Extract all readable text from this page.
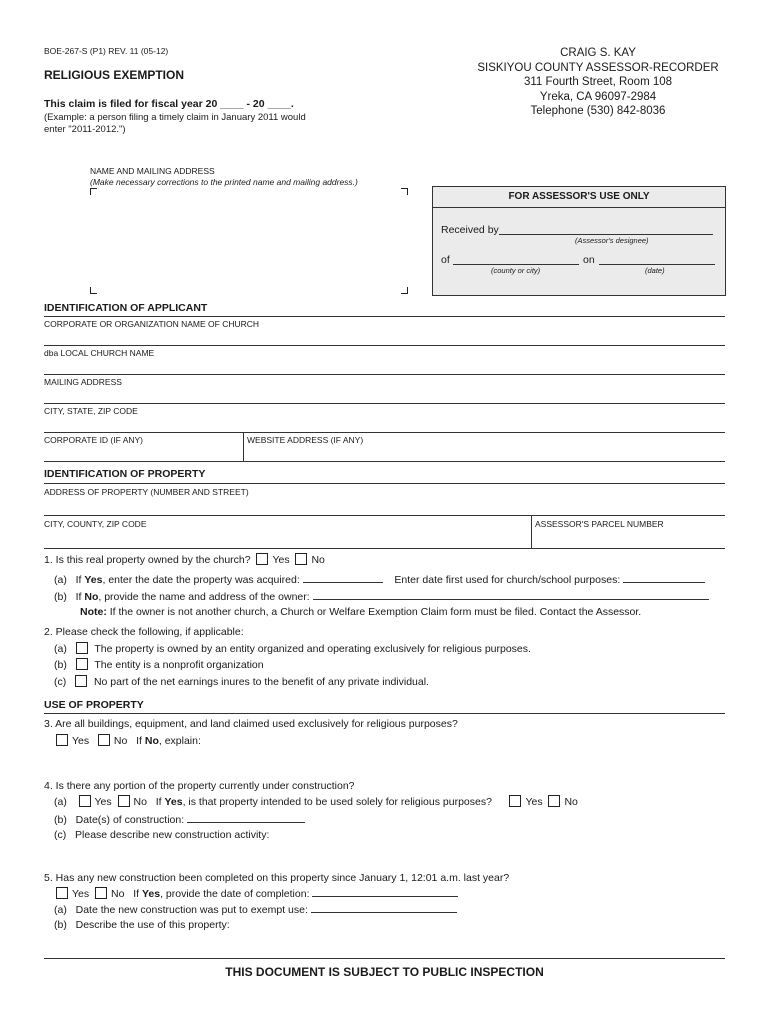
BOE-267-S (P1) REV. 11 (05-12)
RELIGIOUS EXEMPTION
This claim is filed for fiscal year 20 ____ - 20 ____.
(Example: a person filing a timely claim in January 2011 would
enter "2011-2012.")
CRAIG S. KAY
SISKIYOU COUNTY ASSESSOR-RECORDER
311 Fourth Street, Room 108
Yreka, CA 96097-2984
Telephone (530) 842-8036
NAME AND MAILING ADDRESS
(Make necessary corrections to the printed name and mailing address.)
FOR ASSESSOR'S USE ONLY
Received by
(Assessor's designee)
of	on
(county or city)	(date)
IDENTIFICATION OF APPLICANT
CORPORATE OR ORGANIZATION NAME OF CHURCH
dba LOCAL CHURCH NAME
MAILING ADDRESS
CITY, STATE, ZIP CODE
CORPORATE ID (IF ANY)	WEBSITE ADDRESS (IF ANY)
IDENTIFICATION OF PROPERTY
ADDRESS OF PROPERTY (NUMBER AND STREET)
CITY, COUNTY, ZIP CODE	ASSESSOR'S PARCEL NUMBER
1. Is this real property owned by the church? Yes No
(a) If Yes, enter the date the property was acquired:	Enter date first used for church/school purposes:
(b) If No, provide the name and address of the owner:
Note: If the owner is not another church, a Church or Welfare Exemption Claim form must be filed. Contact the Assessor.
2. Please check the following, if applicable:
(a)	The property is owned by an entity organized and operating exclusively for religious purposes.
(b)	The entity is a nonprofit organization
(c)	No part of the net earnings inures to the benefit of any private individual.
USE OF PROPERTY
3. Are all buildings, equipment, and land claimed used exclusively for religious purposes?
Yes No If No, explain:
4. Is there any portion of the property currently under construction?
(a)	Yes No If Yes, is that property intended to be used solely for religious purposes?	Yes No
(b) Date(s) of construction:
(c) Please describe new construction activity:
5. Has any new construction been completed on this property since January 1, 12:01 a.m. last year?
Yes No If Yes, provide the date of completion:
(a) Date the new construction was put to exempt use:
(b) Describe the use of this property:
THIS DOCUMENT IS SUBJECT TO PUBLIC INSPECTION
